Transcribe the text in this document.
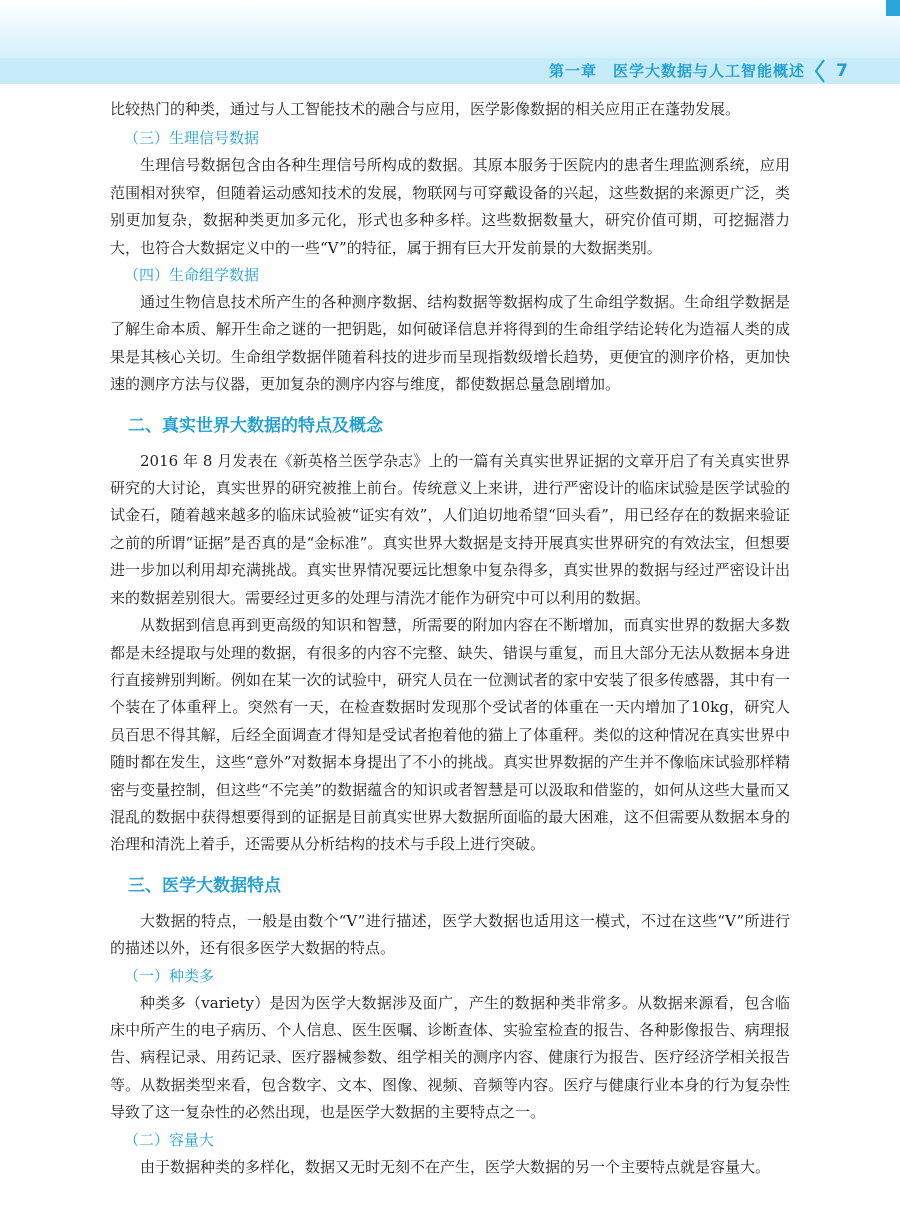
第一章　医学大数据与人工智能概述 7

比较热门的种类，通过与人工智能技术的融合与应用，医学影像数据的相关应用正在蓬勃发展。

（三）生理信号数据

生理信号数据包含由各种生理信号所构成的数据。其原本服务于医院内的患者生理监测系统，应用范围相对狭窄，但随着运动感知技术的发展，物联网与可穿戴设备的兴起，这些数据的来源更广泛，类别更加复杂，数据种类更加多元化，形式也多种多样。这些数据数量大，研究价值可期，可挖掘潜力大，也符合大数据定义中的一些“V”的特征，属于拥有巨大开发前景的大数据类别。

（四）生命组学数据

通过生物信息技术所产生的各种测序数据、结构数据等数据构成了生命组学数据。生命组学数据是了解生命本质、解开生命之谜的一把钥匙，如何破译信息并将得到的生命组学结论转化为造福人类的成果是其核心关切。生命组学数据伴随着科技的进步而呈现指数级增长趋势，更便宜的测序价格，更加快速的测序方法与仪器，更加复杂的测序内容与维度，都使数据总量急剧增加。

二、真实世界大数据的特点及概念

2016 年 8 月发表在《新英格兰医学杂志》上的一篇有关真实世界证据的文章开启了有关真实世界研究的大讨论，真实世界的研究被推上前台。传统意义上来讲，进行严密设计的临床试验是医学试验的试金石，随着越来越多的临床试验被“证实有效”，人们迫切地希望“回头看”，用已经存在的数据来验证之前的所谓“证据”是否真的是“金标准”。真实世界大数据是支持开展真实世界研究的有效法宝，但想要进一步加以利用却充满挑战。真实世界情况要远比想象中复杂得多，真实世界的数据与经过严密设计出来的数据差别很大。需要经过更多的处理与清洗才能作为研究中可以利用的数据。

从数据到信息再到更高级的知识和智慧，所需要的附加内容在不断增加，而真实世界的数据大多数都是未经提取与处理的数据，有很多的内容不完整、缺失、错误与重复，而且大部分无法从数据本身进行直接辨别判断。例如在某一次的试验中，研究人员在一位测试者的家中安装了很多传感器，其中有一个装在了体重秤上。突然有一天，在检查数据时发现那个受试者的体重在一天内增加了10kg，研究人员百思不得其解，后经全面调查才得知是受试者抱着他的猫上了体重秤。类似的这种情况在真实世界中随时都在发生，这些“意外”对数据本身提出了不小的挑战。真实世界数据的产生并不像临床试验那样精密与变量控制，但这些“不完美”的数据蕴含的知识或者智慧是可以汲取和借鉴的，如何从这些大量而又混乱的数据中获得想要得到的证据是目前真实世界大数据所面临的最大困难，这不但需要从数据本身的治理和清洗上着手，还需要从分析结构的技术与手段上进行突破。

三、医学大数据特点

大数据的特点，一般是由数个“V”进行描述，医学大数据也适用这一模式，不过在这些“V”所进行的描述以外，还有很多医学大数据的特点。

（一）种类多

种类多（variety）是因为医学大数据涉及面广，产生的数据种类非常多。从数据来源看，包含临床中所产生的电子病历、个人信息、医生医嘱、诊断查体、实验室检查的报告、各种影像报告、病理报告、病程记录、用药记录、医疗器械参数、组学相关的测序内容、健康行为报告、医疗经济学相关报告等。从数据类型来看，包含数字、文本、图像、视频、音频等内容。医疗与健康行业本身的行为复杂性导致了这一复杂性的必然出现，也是医学大数据的主要特点之一。

（二）容量大

由于数据种类的多样化，数据又无时无刻不在产生，医学大数据的另一个主要特点就是容量大。
